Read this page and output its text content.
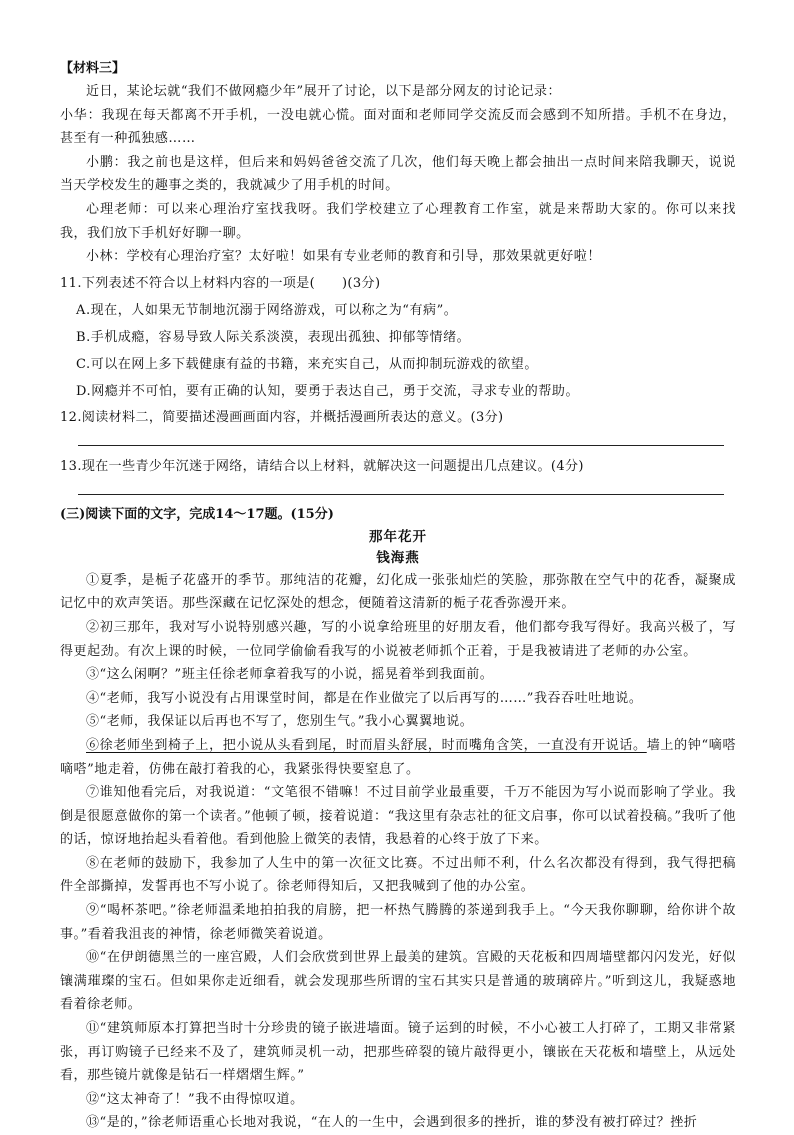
【材料三】

近日，某论坛就“我们不做网瘾少年”展开了讨论，以下是部分网友的讨论记录：

小华：我现在每天都离不开手机，一没电就心慌。面对面和老师同学交流反而会感到不知所措。手机不在身边，甚至有一种孤独感……

小鹏：我之前也是这样，但后来和妈妈爸爸交流了几次，他们每天晚上都会抽出一点时间来陪我聊天，说说当天学校发生的趣事之类的，我就减少了用手机的时间。

心理老师：可以来心理治疗室找我呀。我们学校建立了心理教育工作室，就是来帮助大家的。你可以来找我，我们放下手机好好聊一聊。

小林：学校有心理治疗室？太好啦！如果有专业老师的教育和引导，那效果就更好啦！

11.下列表述不符合以上材料内容的一项是(　　)(3分)
A.现在，人如果无节制地沉溺于网络游戏，可以称之为“有病”。
B.手机成瘾，容易导致人际关系淡漠，表现出孤独、抑郁等情绪。
C.可以在网上多下载健康有益的书籍，来充实自己，从而抑制玩游戏的欲望。
D.网瘾并不可怕，要有正确的认知，要勇于表达自己，勇于交流，寻求专业的帮助。
12.阅读材料二，简要描述漫画画面内容，并概括漫画所表达的意义。(3分)
13.现在一些青少年沉迷于网络，请结合以上材料，就解决这一问题提出几点建议。(4分)
(三)阅读下面的文字，完成14～17题。(15分)
那年花开
钱海燕

①夏季，是栀子花盛开的季节。那纯洁的花瓣，幻化成一张张灿烂的笑脸，那弥散在空气中的花香，凝聚成记忆中的欢声笑语。那些深藏在记忆深处的想念，便随着这清新的栀子花香弥漫开来。

②初三那年，我对写小说特别感兴趣，写的小说拿给班里的好朋友看，他们都夸我写得好。我高兴极了，写得更起劲。有次上课的时候，一位同学偷偷看我写的小说被老师抓个正着，于是我被请进了老师的办公室。

③“这么闲啊？”班主任徐老师拿着我写的小说，摇晃着举到我面前。

④“老师，我写小说没有占用课堂时间，都是在作业做完了以后再写的……”我吞吞吐吐地说。

⑤“老师，我保证以后再也不写了，您别生气。”我小心翼翼地说。

⑥徐老师坐到椅子上，把小说从头看到尾，时而眉头舒展，时而嘴角含笑，一直没有开说话。墙上的钟“嘀嗒嘀嗒”地走着，仿佛在敲打着我的心，我紧张得快要窒息了。

⑦谁知他看完后，对我说道：“文笔很不错嘛！不过目前学业最重要，千万不能因为写小说而影响了学业。我倒是很愿意做你的第一个读者。”他顿了顿，接着说道：“我这里有杂志社的征文启事，你可以试着投稿。”我听了他的话，惊讶地抬起头看着他。看到他脸上微笑的表情，我悬着的心终于放了下来。

⑧在老师的鼓励下，我参加了人生中的第一次征文比赛。不过出师不利，什么名次都没有得到，我气得把稿件全部撕掉，发誓再也不写小说了。徐老师得知后，又把我喊到了他的办公室。

⑨“喝杯茶吧。”徐老师温柔地拍拍我的肩膀，把一杯热气腾腾的茶递到我手上。“今天我你聊聊，给你讲个故事。”看着我沮丧的神情，徐老师微笑着说道。

⑩“在伊朗德黑兰的一座宫殿，人们会欣赏到世界上最美的建筑。宫殿的天花板和四周墙壁都闪闪发光，好似镶满璀璨的宝石。但如果你走近细看，就会发现那些所谓的宝石其实只是普通的玻璃碎片。”听到这儿，我疑惑地看着徐老师。

⑪“建筑师原本打算把当时十分珍贵的镜子嵌进墙面。镜子运到的时候，不小心被工人打碎了，工期又非常紧张，再订购镜子已经来不及了，建筑师灵机一动，把那些碎裂的镜片敲得更小，镶嵌在天花板和墙壁上，从远处看，那些镜片就像是钻石一样熠熠生辉。”

⑫“这太神奇了！”我不由得惊叹道。

⑬“是的，”徐老师语重心长地对我说，“在人的一生中，会遇到很多的挫折，谁的梦没有被打碎过？挫折
